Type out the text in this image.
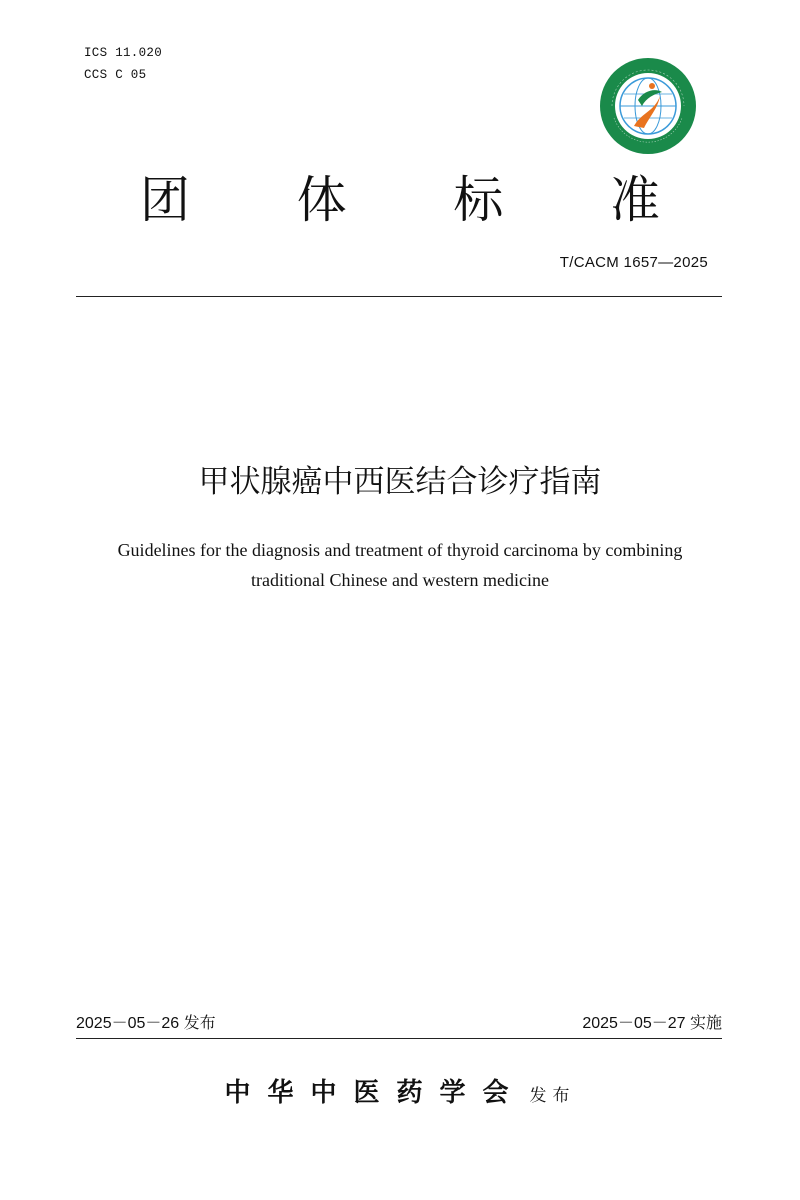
ICS 11.020
CCS C 05
团 体 标 准
T/CACM 1657—2025
甲状腺癌中西医结合诊疗指南
Guidelines for the diagnosis and treatment of thyroid carcinoma by combining
traditional Chinese and western medicine
2025－05－26 发布	2025－05－27 实施
中华中医药学会 发布
